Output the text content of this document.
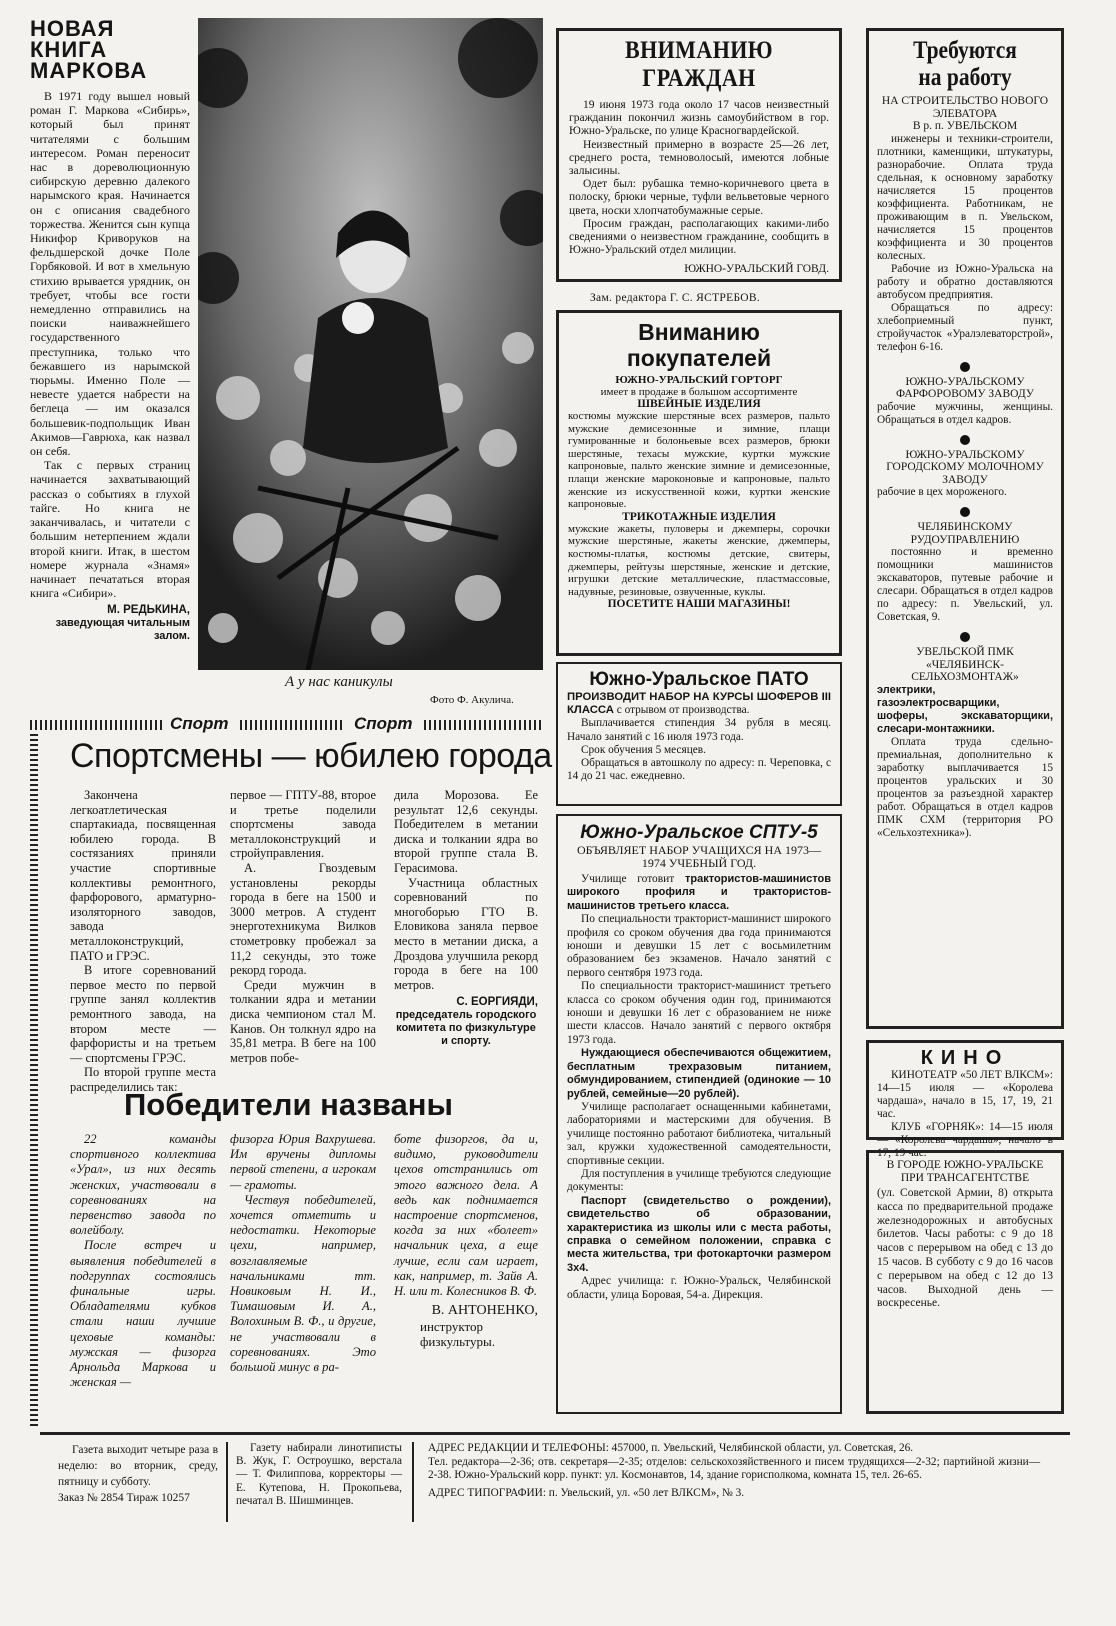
НОВАЯ
КНИГА
МАРКОВА

В 1971 году вышел новый роман Г. Маркова «Сибирь», который был принят читателями с большим интересом. Роман переносит нас в дореволюционную сибирскую деревню далекого нарымского края. Начинается он с описания свадебного торжества. Женится сын купца Никифор Криворуков на фельдшерской дочке Поле Горбяковой. И вот в хмельную стихию врывается урядник, он требует, чтобы все гости немедленно отправились на поиски наиважнейшего государственного преступника, только что бежавшего из нарымской тюрьмы. Именно Поле — невесте удается набрести на беглеца — им оказался большевик-подпольщик Иван Акимов—Гаврюха, как назвал он себя.

Так с первых страниц начинается захватывающий рассказ о событиях в глухой тайге. Но книга не заканчивалась, и читатели с большим нетерпением ждали второй книги. Итак, в шестом номере журнала «Знамя» начинает печататься вторая книга «Сибири».

М. РЕДЬКИНА,
заведующая читальным залом.
А у нас каникулы
Фото Ф. Акулича.
ВНИМАНИЮ ГРАЖДАН

19 июня 1973 года около 17 часов неизвестный гражданин покончил жизнь самоубийством в гор. Южно-Уральске, по улице Красногвардейской.

Неизвестный примерно в возрасте 25—26 лет, среднего роста, темноволосый, имеются лобные залысины.

Одет был: рубашка темно-коричневого цвета в полоску, брюки черные, туфли вельветовые черного цвета, носки хлопчатобумажные серые.

Просим граждан, располагающих какими-либо сведениями о неизвестном гражданине, сообщить в Южно-Уральский отдел милиции.

ЮЖНО-УРАЛЬСКИЙ ГОВД.
Зам. редактора Г. С. ЯСТРЕБОВ.
Вниманию
покупателей
ЮЖНО-УРАЛЬСКИЙ ГОРТОРГ
имеет в продаже в большом ассортименте
ШВЕЙНЫЕ ИЗДЕЛИЯ

костюмы мужские шерстяные всех размеров, пальто мужские демисезонные и зимние, плащи гумированные и болоньевые всех размеров, брюки шерстяные, техасы мужские, куртки мужские капроновые, пальто женские зимние и демисезонные, плащи женские мароконовые и капроновые, пальто женские из искусственной кожи, куртки женские капроновые.

ТРИКОТАЖНЫЕ ИЗДЕЛИЯ

мужские жакеты, пуловеры и джемперы, сорочки мужские шерстяные, жакеты женские, джемперы, костюмы-платья, костюмы детские, свитеры, джемперы, рейтузы шерстяные, женские и детские, игрушки детские металлические, пластмассовые, надувные, резиновые, озвученные, куклы.

ПОСЕТИТЕ НАШИ МАГАЗИНЫ!
Южно-Уральское ПАТО

ПРОИЗВОДИТ НАБОР НА КУРСЫ ШОФЕРОВ III КЛАССА с отрывом от производства.

Выплачивается стипендия 34 рубля в месяц. Начало занятий с 16 июля 1973 года.

Срок обучения 5 месяцев.

Обращаться в автошколу по адресу: п. Череповка, с 14 до 21 час. ежедневно.

Южно-Уральское СПТУ-5
ОБЪЯВЛЯЕТ НАБОР УЧАЩИХСЯ НА 1973—1974 УЧЕБНЫЙ ГОД.

Училище готовит трактористов-машинистов широкого профиля и трактористов-машинистов третьего класса.

По специальности тракторист-машинист широкого профиля со сроком обучения два года принимаются юноши и девушки 15 лет с восьмилетним образованием без экзаменов. Начало занятий с первого сентября 1973 года.

По специальности тракторист-машинист третьего класса со сроком обучения один год, принимаются юноши и девушки 16 лет с образованием не ниже шести классов. Начало занятий с первого октября 1973 года.

Нуждающиеся обеспечиваются общежитием, бесплатным трехразовым питанием, обмундированием, стипендией (одинокие — 10 рублей, семейные—20 рублей).

Училище располагает оснащенными кабинетами, лабораториями и мастерскими для обучения. В училище постоянно работают библиотека, читальный зал, кружки художественной самодеятельности, спортивные секции.

Для поступления в училище требуются следующие документы:

Паспорт (свидетельство о рождении), свидетельство об образовании, характеристика из школы или с места работы, справка о семейном положении, справка с места жительства, три фотокарточки размером 3х4.

Адрес училища: г. Южно-Уральск, Челябинской области, улица Боровая, 54-а. Дирекция.

Требуются
на работу
НА СТРОИТЕЛЬСТВО НОВОГО ЭЛЕВАТОРА
В р. п. УВЕЛЬСКОМ

инженеры и техники-строители, плотники, каменщики, штукатуры, разнорабочие. Оплата труда сдельная, к основному заработку начисляется 15 процентов коэффициента. Работникам, не проживающим в п. Увельском, начисляется 15 процентов коэффициента и 30 процентов колесных.

Рабочие из Южно-Уральска на работу и обратно доставляются автобусом предприятия.

Обращаться по адресу: хлебоприемный пункт, стройучасток «Уралэлеваторстрой», телефон 6-16.

ЮЖНО-УРАЛЬСКОМУ ФАРФОРОВОМУ ЗАВОДУ

рабочие мужчины, женщины. Обращаться в отдел кадров.

ЮЖНО-УРАЛЬСКОМУ ГОРОДСКОМУ МОЛОЧНОМУ ЗАВОДУ

рабочие в цех мороженого.

ЧЕЛЯБИНСКОМУ РУДОУПРАВЛЕНИЮ

постоянно и временно помощники машинистов экскаваторов, путевые рабочие и слесари. Обращаться в отдел кадров по адресу: п. Увельский, ул. Советская, 9.

УВЕЛЬСКОЙ ПМК «ЧЕЛЯБИНСК-СЕЛЬХОЗМОНТАЖ»

электрики, газоэлектросварщики, шоферы, экскаваторщики, слесари-монтажники.

Оплата труда сдельно-премиальная, дополнительно к заработку выплачивается 15 процентов уральских и 30 процентов за разъездной характер работ. Обращаться в отдел кадров ПМК СХМ (территория РО «Сельхозтехника»).

КИНО

КИНОТЕАТР «50 ЛЕТ ВЛКСМ»: 14—15 июля — «Королева чардаша», начало в 15, 17, 19, 21 час.

КЛУБ «ГОРНЯК»: 14—15 июля — «Королева чардаша», начало в 17, 19 час.

В ГОРОДЕ ЮЖНО-УРАЛЬСКЕ ПРИ ТРАНСАГЕНТСТВЕ

(ул. Советской Армии, 8) открыта касса по предварительной продаже железнодорожных и автобусных билетов. Часы работы: с 9 до 18 часов с перерывом на обед с 13 до 15 часов. В субботу с 9 до 16 часов с перерывом на обед с 12 до 13 часов. Выходной день — воскресенье.

Спорт	Спорт
Спортсмены — юбилею города

Закончена легкоатлетическая спартакиада, посвященная юбилею города. В состязаниях приняли участие спортивные коллективы ремонтного, фарфорового, арматурно-изоляторного заводов, завода металлоконструкций, ПАТО и ГРЭС.

В итоге соревнований первое место по первой группе занял коллектив ремонтного завода, на втором месте — фарфористы и на третьем — спортсмены ГРЭС.

По второй группе места распределились так:

первое — ГПТУ-88, второе и третье поделили спортсмены завода металлоконструкций и стройуправления.

А. Гвоздевым установлены рекорды города в беге на 1500 и 3000 метров. А студент энерготехникума Вилков стометровку пробежал за 11,2 секунды, это тоже рекорд города.

Среди мужчин в толкании ядра и метании диска чемпионом стал М. Канов. Он толкнул ядро на 35,81 метра. В беге на 100 метров побе-

дила Морозова. Ее результат 12,6 секунды. Победителем в метании диска и толкании ядра во второй группе стала В. Герасимова.

Участница областных соревнований по многоборью ГТО В. Еловикова заняла первое место в метании диска, а Дроздова улучшила рекорд города в беге на 100 метров.

С. ЕОРГИЯДИ,
председатель городского комитета по физкультуре и спорту.
Победители названы

22 команды спортивного коллектива «Урал», из них десять женских, участвовали в соревнованиях на первенство завода по волейболу.

После встреч и выявления победителей в подгруппах состоялись финальные игры. Обладателями кубков стали наши лучшие цеховые команды: мужская — физорга Арнольда Маркова и женская —

физорга Юрия Вахрушева. Им вручены дипломы первой степени, а игрокам — грамоты.

Чествуя победителей, хочется отметить и недостатки. Некоторые цехи, например, возглавляемые начальниками тт. Новиковым Н. И., Тимашовым И. А., Волохиным В. Ф., и другие, не участвовали в соревнованиях. Это большой минус в ра-

боте физоргов, да и, видимо, руководители цехов отстранились от этого важного дела. А ведь как поднимается настроение спортсменов, когда за них «болеет» начальник цеха, а еще лучше, если сам играет, как, например, т. Зайв А. Н. или т. Колесников В. Ф.

В. АНТОНЕНКО,
инструктор физкультуры.

Газета выходит четыре раза в неделю: во вторник, среду, пятницу и субботу.

Заказ № 2854 Тираж 10257

Газету набирали линотиписты В. Жук, Г. Остроушко, верстала — Т. Филиппова, корректоры — Е. Кутепова, Н. Прокопьева, печатал В. Шишминцев.

АДРЕС РЕДАКЦИИ И ТЕЛЕФОНЫ: 457000, п. Увельский, Челябинской области, ул. Советская, 26.

Тел. редактора—2-36; отв. секретаря—2-35; отделов: сельскохозяйственного и писем трудящихся—2-32; партийной жизни—2-38. Южно-Уральский корр. пункт: ул. Космонавтов, 14, здание горисполкома, комната 15, тел. 26-65.

АДРЕС ТИПОГРАФИИ: п. Увельский, ул. «50 лет ВЛКСМ», № 3.
